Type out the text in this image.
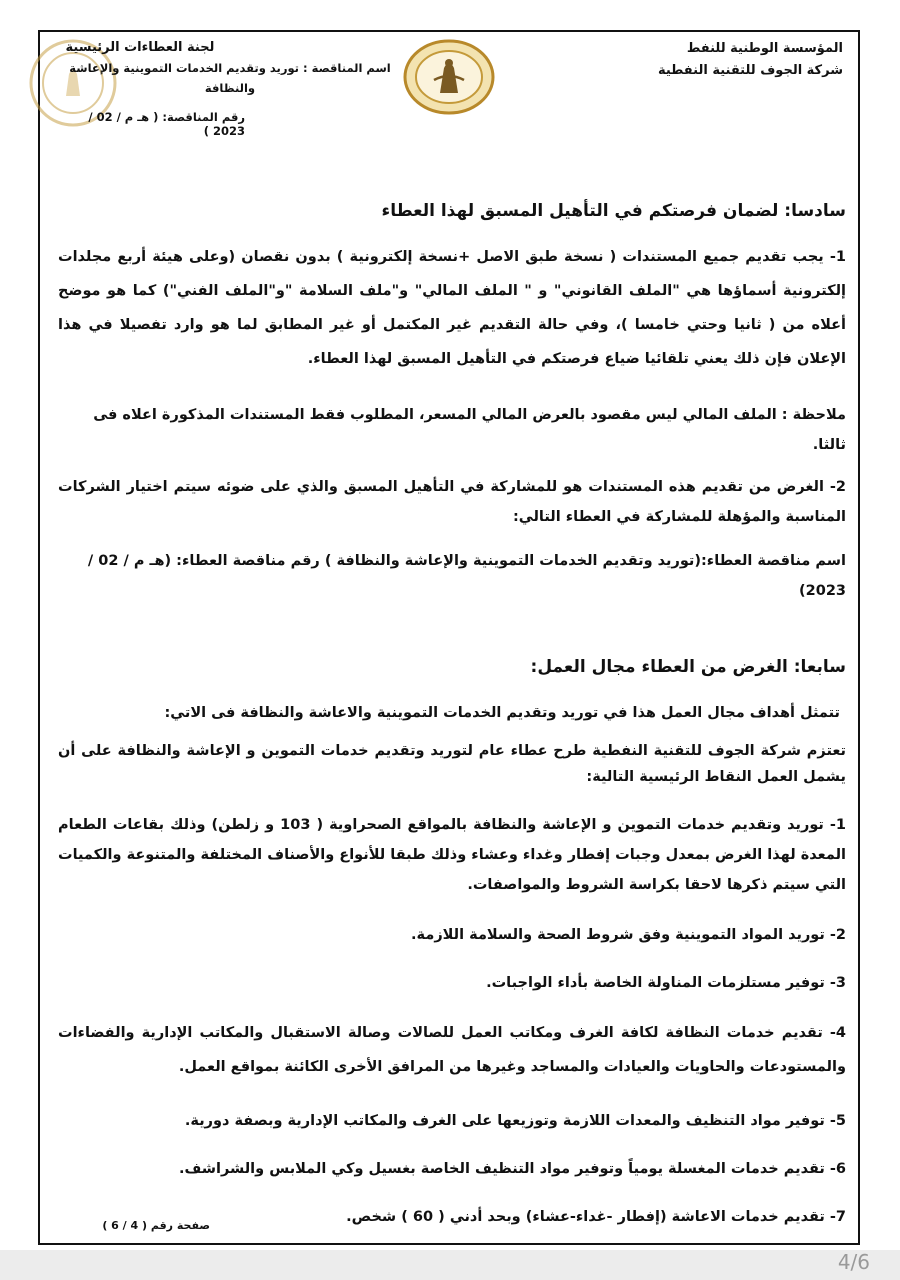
المؤسسة الوطنية للنفط
شركة الجوف للتقنية النفطية
لجنة العطاءات الرئيسية
اسم المناقصة : توريد وتقديم الخدمات التموينية والإعاشة والنظافة
رقم المناقصة: ( هـ م / 02 / 2023 )

سادسا: لضمان فرصتكم في التأهيل المسبق لهذا العطاء

1- يجب تقديم جميع المستندات ( نسخة طبق الاصل +نسخة إلكترونية ) بدون نقصان (وعلى هيئة أربع مجلدات إلكترونية أسماؤها هي "الملف القانوني" و " الملف المالي" و"ملف السلامة "و"الملف الفني") كما هو موضح أعلاه من ( ثانيا وحتي خامسا )، وفي حالة التقديم غير المكتمل أو غير المطابق لما هو وارد تفصيلا في هذا الإعلان فإن ذلك يعني تلقائيا ضياع فرصتكم في التأهيل المسبق لهذا العطاء.

ملاحظة : الملف المالي ليس مقصود بالعرض المالي المسعر، المطلوب فقط المستندات المذكورة اعلاه فى ثالثا.

2- الغرض من تقديم هذه المستندات هو للمشاركة في التأهيل المسبق والذي على ضوئه سيتم اختيار الشركات المناسبة والمؤهلة للمشاركة في العطاء التالي:

اسم مناقصة العطاء:(توريد وتقديم الخدمات التموينية والإعاشة والنظافة ) رقم مناقصة العطاء: (هـ م / 02 / 2023)

سابعا: الغرض من العطاء مجال العمل:

تتمثل أهداف مجال العمل هذا في توريد وتقديم الخدمات التموينية والاعاشة والنظافة فى الاتي:

تعتزم شركة الجوف للتقنية النفطية طرح عطاء عام لتوريد وتقديم خدمات التموين و الإعاشة والنظافة على أن يشمل العمل النقاط الرئيسية التالية:

1- توريد وتقديم خدمات التموين و الإعاشة والنظافة بالمواقع الصحراوية ( 103 و زلطن) وذلك بقاعات الطعام المعدة لهذا الغرض بمعدل وجبات إفطار وغداء وعشاء وذلك طبقا للأنواع والأصناف المختلفة والمتنوعة والكميات التي سيتم ذكرها لاحقا بكراسة الشروط والمواصفات.

2- توريد المواد التموينية وفق شروط الصحة والسلامة اللازمة.

3- توفير مستلزمات المناولة الخاصة بأداء الواجبات.

4- تقديم خدمات النظافة لكافة الغرف ومكاتب العمل للصالات وصالة الاستقبال والمكاتب الإدارية والفضاءات والمستودعات والحاويات والعيادات والمساجد وغيرها من المرافق الأخرى الكائنة بمواقع العمل.

5- توفير مواد التنظيف والمعدات اللازمة وتوزيعها على الغرف والمكاتب الإدارية وبصفة دورية.

6- تقديم خدمات المغسلة يومياً وتوفير مواد التنظيف الخاصة بغسيل وكي الملابس والشراشف.

7- تقديم خدمات الاعاشة (إفطار -غداء-عشاء) وبحد أدني ( 60 ) شخص.

صفحة رقم ( 4 / 6 )
4/6
